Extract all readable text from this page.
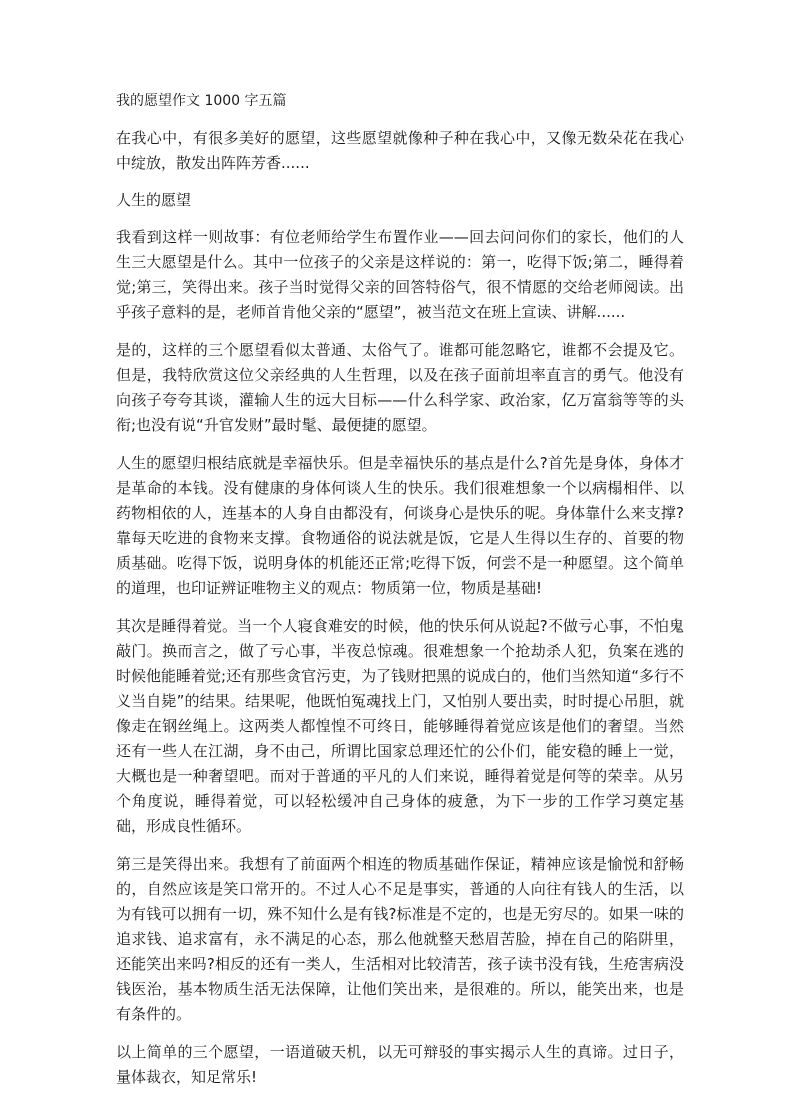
我的愿望作文 1000 字五篇

在我心中，有很多美好的愿望，这些愿望就像种子种在我心中，又像无数朵花在我心中绽放，散发出阵阵芳香......

人生的愿望

我看到这样一则故事：有位老师给学生布置作业——回去问问你们的家长，他们的人生三大愿望是什么。其中一位孩子的父亲是这样说的：第一，吃得下饭;第二，睡得着觉;第三，笑得出来。孩子当时觉得父亲的回答特俗气，很不情愿的交给老师阅读。出乎孩子意料的是，老师首肯他父亲的“愿望”，被当范文在班上宣读、讲解......

是的，这样的三个愿望看似太普通、太俗气了。谁都可能忽略它，谁都不会提及它。但是，我特欣赏这位父亲经典的人生哲理，以及在孩子面前坦率直言的勇气。他没有向孩子夸夸其谈，灌输人生的远大目标——什么科学家、政治家，亿万富翁等等的头衔;也没有说“升官发财”最时髦、最便捷的愿望。

人生的愿望归根结底就是幸福快乐。但是幸福快乐的基点是什么?首先是身体，身体才是革命的本钱。没有健康的身体何谈人生的快乐。我们很难想象一个以病榻相伴、以药物相依的人，连基本的人身自由都没有，何谈身心是快乐的呢。身体靠什么来支撑?靠每天吃进的食物来支撑。食物通俗的说法就是饭，它是人生得以生存的、首要的物质基础。吃得下饭，说明身体的机能还正常;吃得下饭，何尝不是一种愿望。这个简单的道理，也印证辨证唯物主义的观点：物质第一位，物质是基础!

其次是睡得着觉。当一个人寝食难安的时候，他的快乐何从说起?不做亏心事，不怕鬼敲门。换而言之，做了亏心事，半夜总惊魂。很难想象一个抢劫杀人犯，负案在逃的时候他能睡着觉;还有那些贪官污吏，为了钱财把黑的说成白的，他们当然知道“多行不义当自毙”的结果。结果呢，他既怕冤魂找上门，又怕别人要出卖，时时提心吊胆，就像走在钢丝绳上。这两类人都惶惶不可终日，能够睡得着觉应该是他们的奢望。当然还有一些人在江湖，身不由己，所谓比国家总理还忙的公仆们，能安稳的睡上一觉，大概也是一种奢望吧。而对于普通的平凡的人们来说，睡得着觉是何等的荣幸。从另个角度说，睡得着觉，可以轻松缓冲自己身体的疲惫，为下一步的工作学习奠定基础，形成良性循环。

第三是笑得出来。我想有了前面两个相连的物质基础作保证，精神应该是愉悦和舒畅的，自然应该是笑口常开的。不过人心不足是事实，普通的人向往有钱人的生活，以为有钱可以拥有一切，殊不知什么是有钱?标准是不定的，也是无穷尽的。如果一味的追求钱、追求富有，永不满足的心态，那么他就整天愁眉苦脸，掉在自己的陷阱里，还能笑出来吗?相反的还有一类人，生活相对比较清苦，孩子读书没有钱，生疮害病没钱医治，基本物质生活无法保障，让他们笑出来，是很难的。所以，能笑出来，也是有条件的。

以上简单的三个愿望，一语道破天机，以无可辩驳的事实揭示人生的真谛。过日子，量体裁衣，知足常乐!
